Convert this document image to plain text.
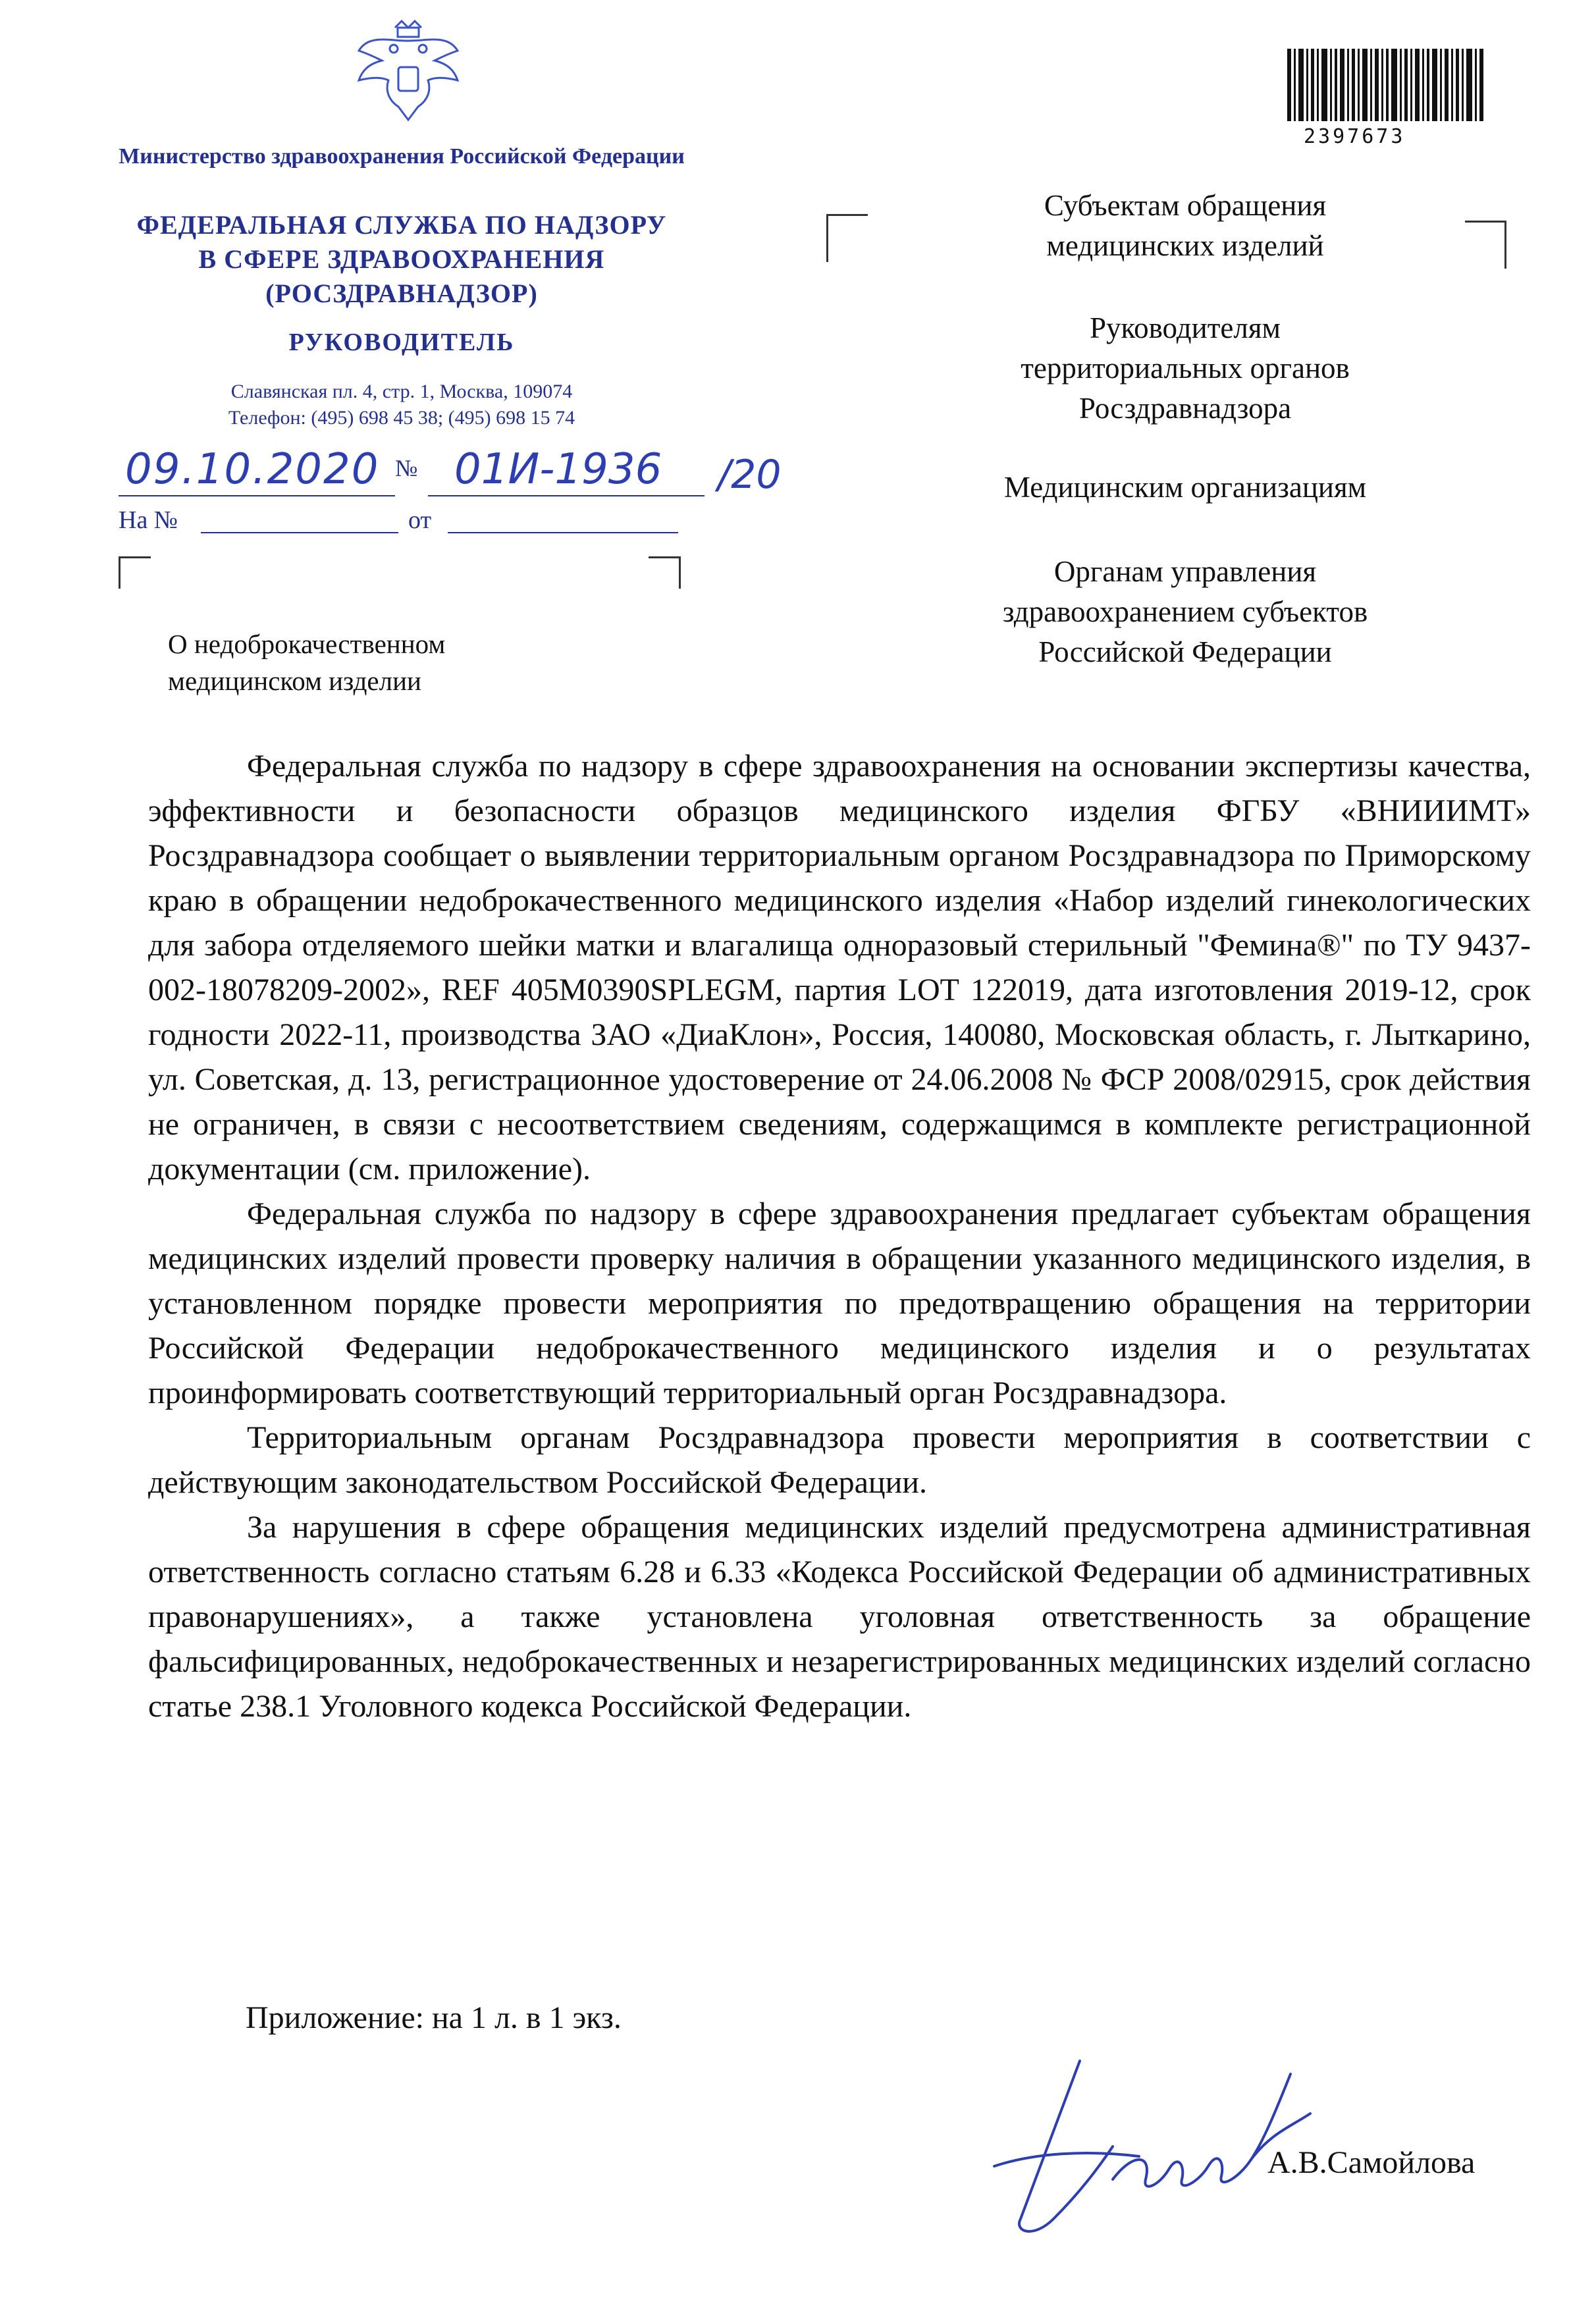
Министерство здравоохранения Российской Федерации
ФЕДЕРАЛЬНАЯ СЛУЖБА ПО НАДЗОРУ
В СФЕРЕ ЗДРАВООХРАНЕНИЯ
(РОСЗДРАВНАДЗОР)
РУКОВОДИТЕЛЬ
Славянская пл. 4, стр. 1, Москва, 109074
Телефон: (495) 698 45 38; (495) 698 15 74
09.10.2020 № 01И-1936 /20
На №	от
О недоброкачественном
медицинском изделии
2397673
Субъектам обращения
медицинских изделий
Руководителям
территориальных органов
Росздравнадзора
Медицинским организациям
Органам управления
здравоохранением субъектов
Российской Федерации

Федеральная служба по надзору в сфере здравоохранения на основании экспертизы качества, эффективности и безопасности образцов медицинского изделия ФГБУ «ВНИИИМТ» Росздравнадзора сообщает о выявлении территориальным органом Росздравнадзора по Приморскому краю в обращении недоброкачественного медицинского изделия «Набор изделий гинекологических для забора отделяемого шейки матки и влагалища одноразовый стерильный "Фемина®" по ТУ 9437-002-18078209-2002», REF 405M0390SPLEGM, партия LOT 122019, дата изготовления 2019-12, срок годности 2022-11, производства ЗАО «ДиаКлон», Россия, 140080, Московская область, г. Лыткарино, ул. Советская, д. 13, регистрационное удостоверение от 24.06.2008 № ФСР 2008/02915, срок действия не ограничен, в связи с несоответствием сведениям, содержащимся в комплекте регистрационной документации (см. приложение).

Федеральная служба по надзору в сфере здравоохранения предлагает субъектам обращения медицинских изделий провести проверку наличия в обращении указанного медицинского изделия, в установленном порядке провести мероприятия по предотвращению обращения на территории Российской Федерации недоброкачественного медицинского изделия и о результатах проинформировать соответствующий территориальный орган Росздравнадзора.

Территориальным органам Росздравнадзора провести мероприятия в соответствии с действующим законодательством Российской Федерации.

За нарушения в сфере обращения медицинских изделий предусмотрена административная ответственность согласно статьям 6.28 и 6.33 «Кодекса Российской Федерации об административных правонарушениях», а также установлена уголовная ответственность за обращение фальсифицированных, недоброкачественных и незарегистрированных медицинских изделий согласно статье 238.1 Уголовного кодекса Российской Федерации.

Приложение: на 1 л. в 1 экз.
А.В.Самойлова
